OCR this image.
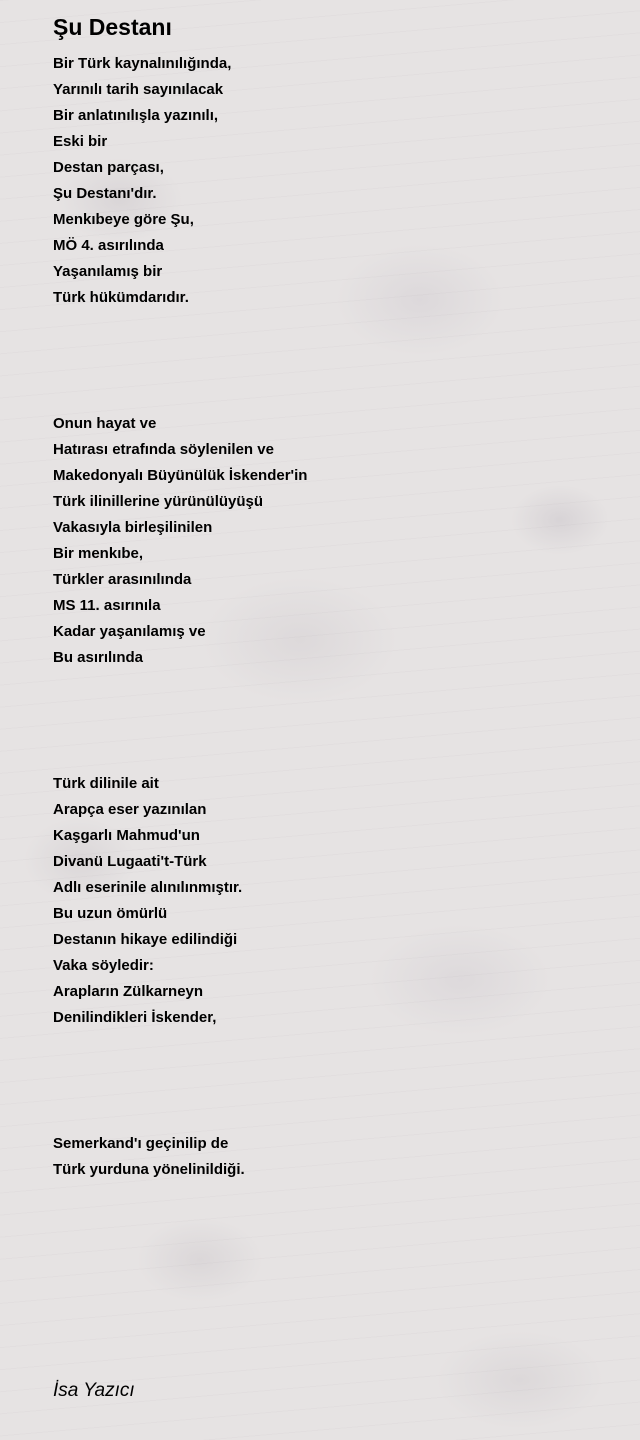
Şu Destanı
Bir Türk kaynalınılığında,
Yarınılı tarih sayınılacak
Bir anlatınılışla yazınılı,
Eski bir
Destan parçası,
Şu Destanı'dır.
Menkıbeye göre Şu,
MÖ 4. asırılında
Yaşanılamış bir
Türk hükümdarıdır.
Onun hayat ve
Hatırası etrafında söylenilen ve
Makedonyalı Büyünülük İskender'in
Türk ilinillerine yürünülüyüşü
Vakasıyla birleşilinilen
Bir menkıbe,
Türkler arasınılında
MS 11. asırınıla
Kadar yaşanılamış ve
Bu asırılında
Türk dilinile ait
Arapça eser yazınılan
Kaşgarlı Mahmud'un
Divanü Lugaati't-Türk
Adlı eserinile alınılınmıştır.
Bu uzun ömürlü
Destanın hikaye edilindiği
Vaka söyledir:
Arapların Zülkarneyn
Denilindikleri İskender,
Semerkand'ı geçinilip de
Türk yurduna yönelinildiği.

İsa Yazıcı
